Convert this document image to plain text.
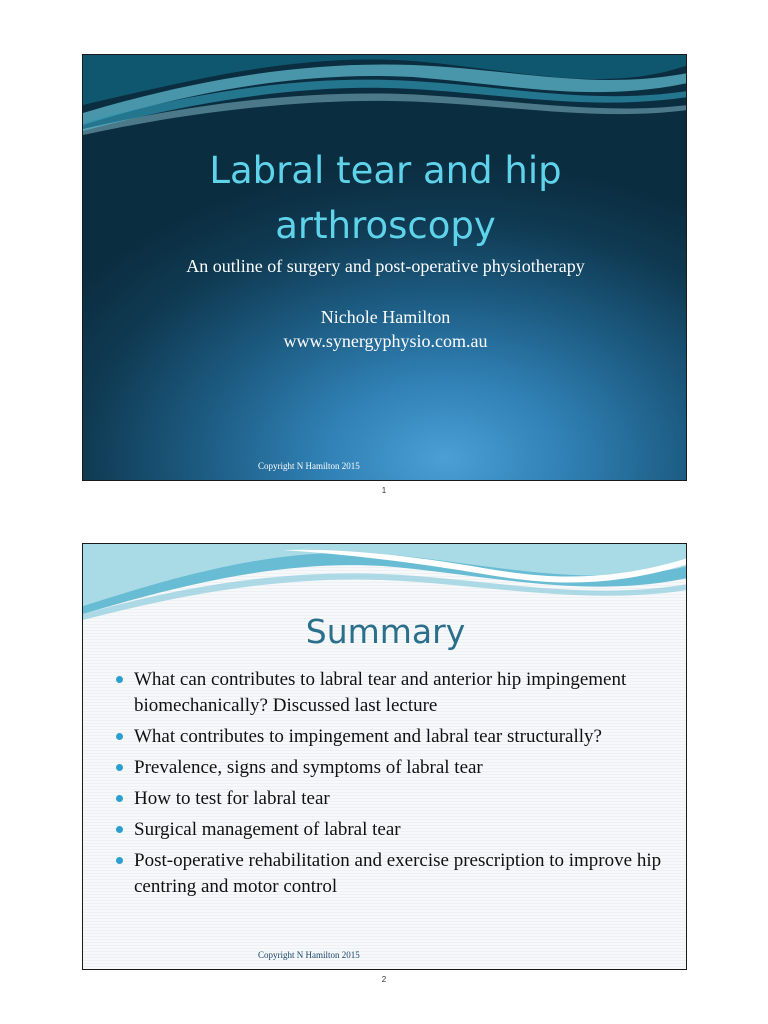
Labral tear and hip
arthroscopy

An outline of surgery and post-operative physiotherapy

Nichole Hamilton

www.synergyphysio.com.au

Copyright N Hamilton 2015
1
Summary
What can contributes to labral tear and anterior hip impingement biomechanically? Discussed last lecture
What contributes to impingement and labral tear structurally?
Prevalence, signs and symptoms of labral tear
How to test for labral tear
Surgical management of labral tear
Post-operative rehabilitation and exercise prescription to improve hip centring and motor control
Copyright N Hamilton 2015
2
